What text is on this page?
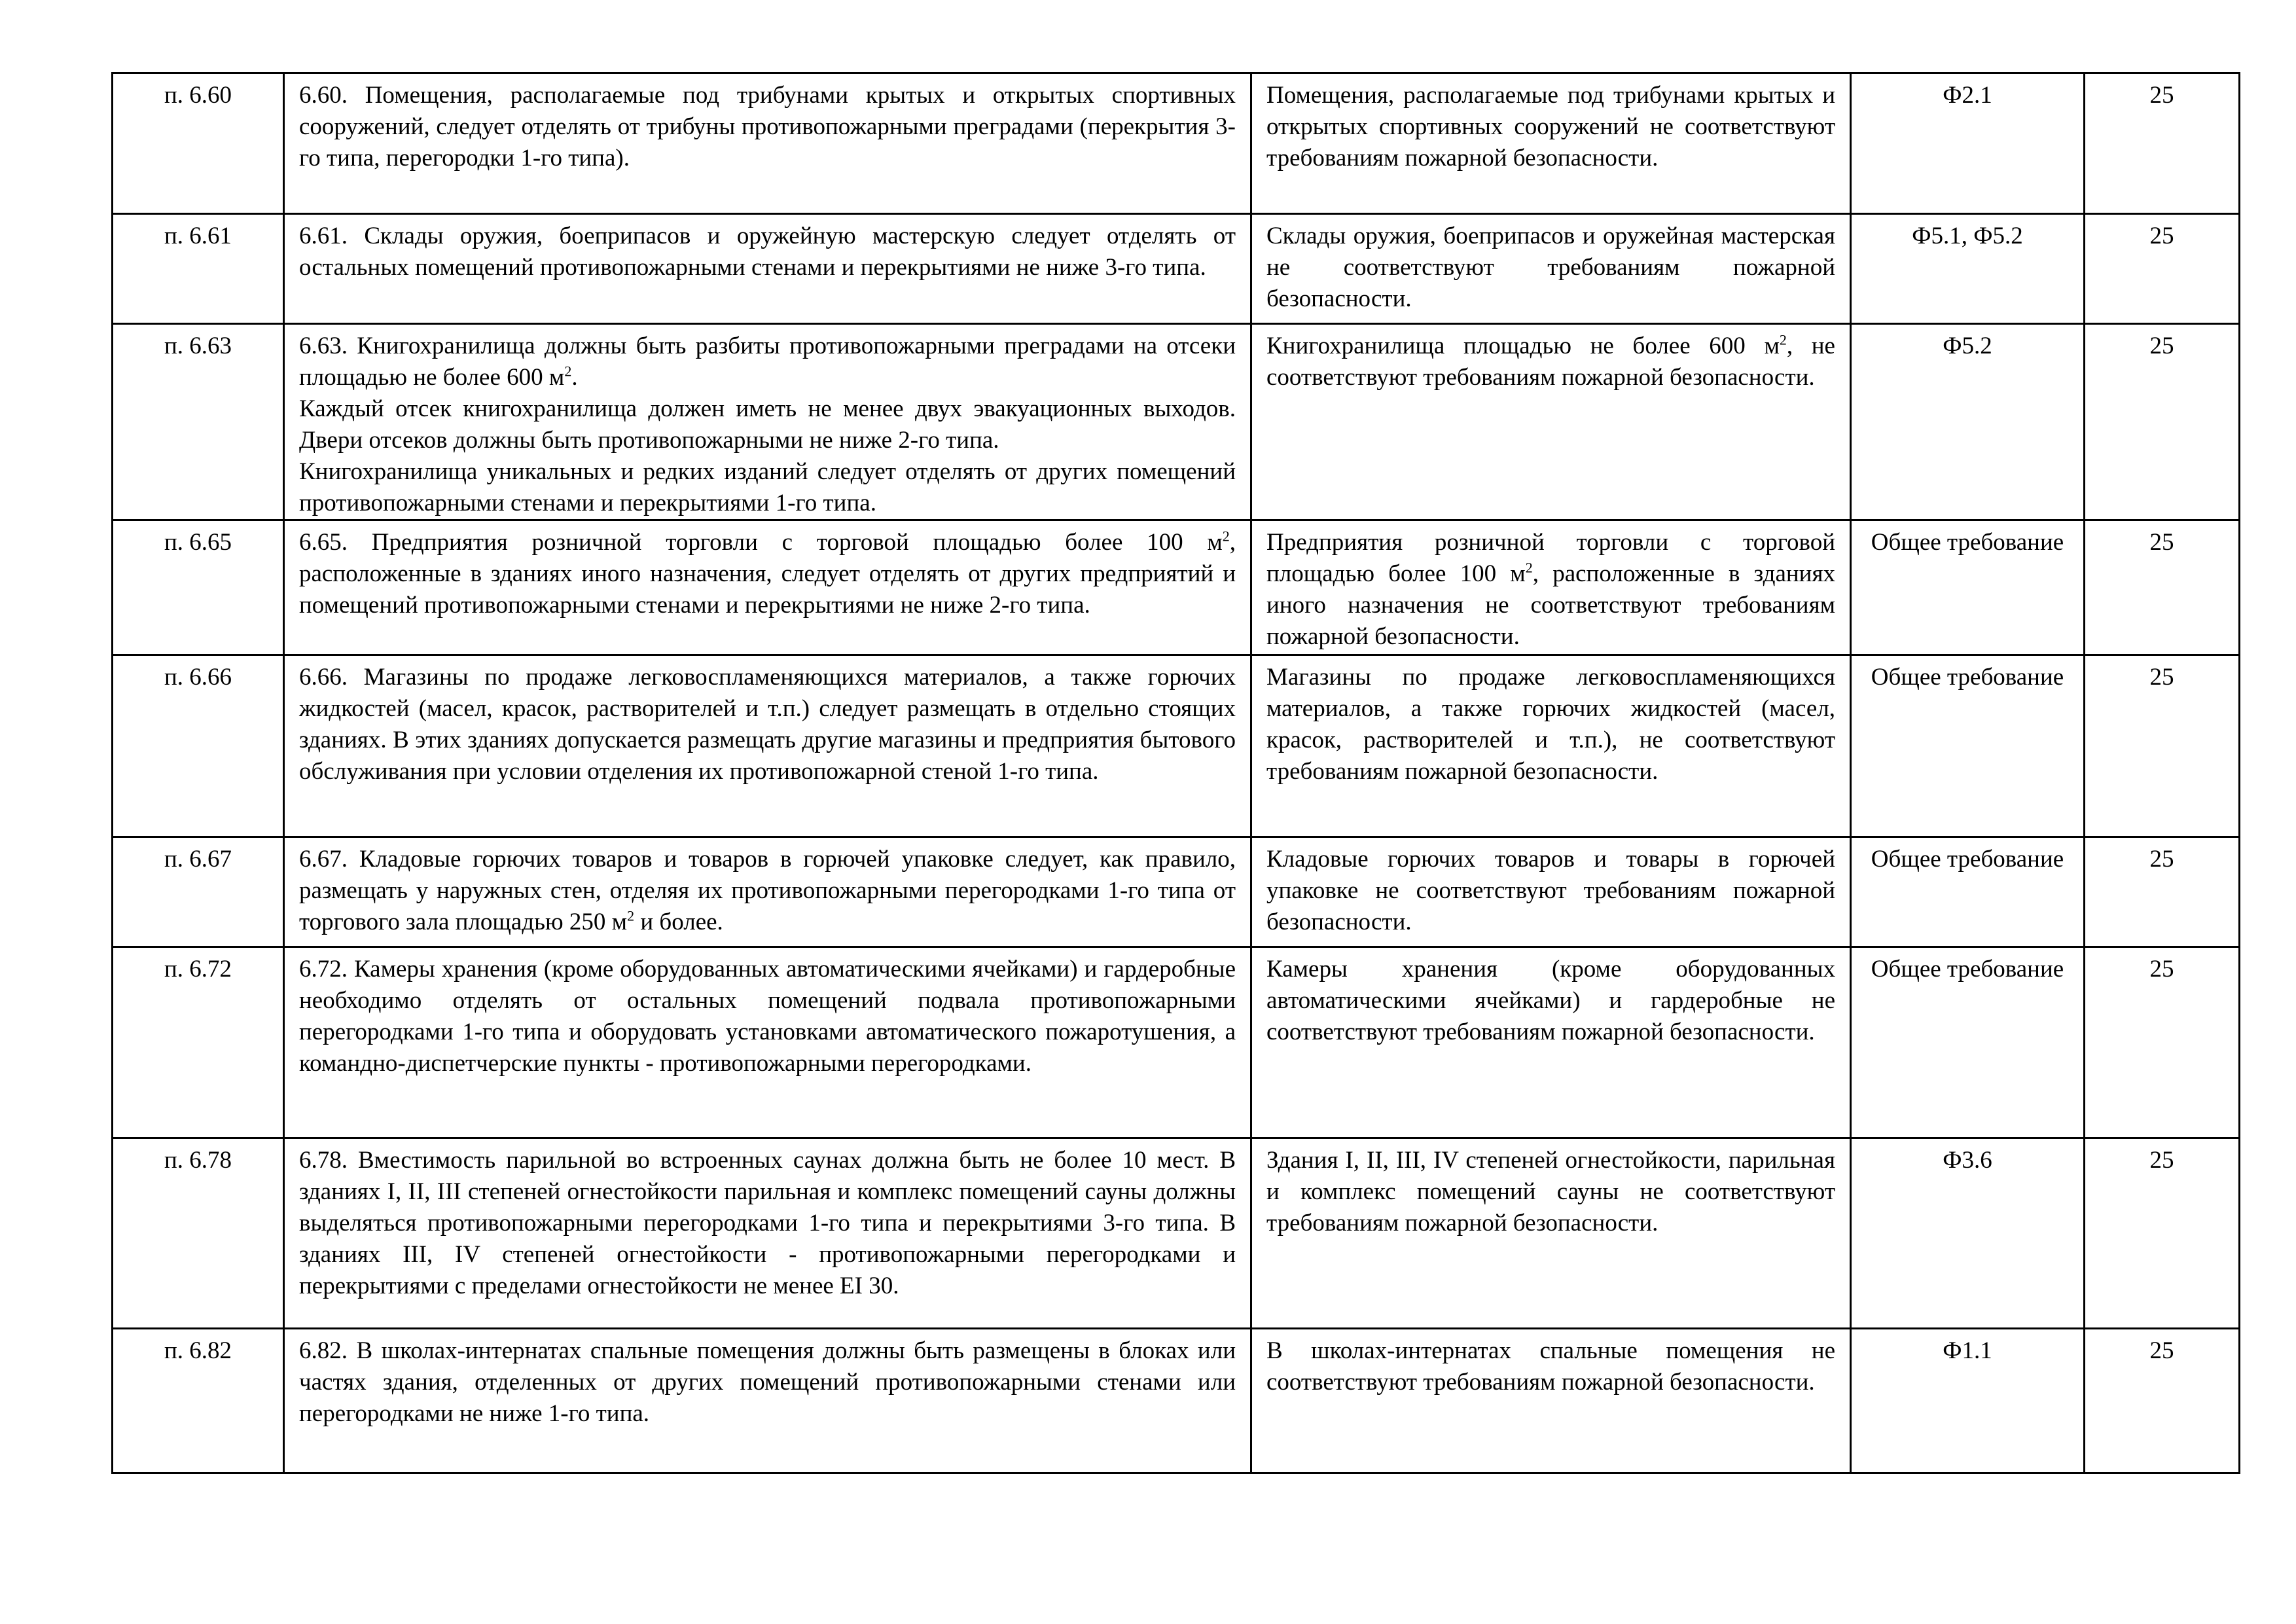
п. 6.60	6.60. Помещения, располагаемые под трибунами крытых и открытых спортивных сооружений, следует отделять от трибуны противопожарными преградами (перекрытия 3-го типа, перегородки 1-го типа).	Помещения, располагаемые под трибунами крытых и открытых спортивных сооружений не соответствуют требованиям пожарной безопасности.	Ф2.1	25
п. 6.61	6.61. Склады оружия, боеприпасов и оружейную мастерскую следует отделять от остальных помещений противопожарными стенами и перекрытиями не ниже 3-го типа.	Склады оружия, боеприпасов и оружейная мастерская не соответствуют требованиям пожарной безопасности.	Ф5.1, Ф5.2	25
п. 6.63	6.63. Книгохранилища должны быть разбиты противопожарными преградами на отсеки площадью не более 600 $м^2$.
Каждый отсек книгохранилища должен иметь не менее двух эвакуационных выходов. Двери отсеков должны быть противопожарными не ниже 2-го типа.
Книгохранилища уникальных и редких изданий следует отделять от других помещений противопожарными стенами и перекрытиями 1-го типа.	Книгохранилища площадью не более 600 $м^2$, не соответствуют требованиям пожарной безопасности.	Ф5.2	25
п. 6.65	6.65. Предприятия розничной торговли с торговой площадью более 100 $м^2$, расположенные в зданиях иного назначения, следует отделять от других предприятий и помещений противопожарными стенами и перекрытиями не ниже 2-го типа.	Предприятия розничной торговли с торговой площадью более 100 $м^2$, расположенные в зданиях иного назначения не соответствуют требованиям пожарной безопасности.	Общее требование	25
п. 6.66	6.66. Магазины по продаже легковоспламеняющихся материалов, а также горючих жидкостей (масел, красок, растворителей и т.п.) следует размещать в отдельно стоящих зданиях. В этих зданиях допускается размещать другие магазины и предприятия бытового обслуживания при условии отделения их противопожарной стеной 1-го типа.	Магазины по продаже легковоспламеняющихся материалов, а также горючих жидкостей (масел, красок, растворителей и т.п.), не соответствуют требованиям пожарной безопасности.	Общее требование	25
п. 6.67	6.67. Кладовые горючих товаров и товаров в горючей упаковке следует, как правило, размещать у наружных стен, отделяя их противопожарными перегородками 1-го типа от торгового зала площадью 250 $м^2$ и более.	Кладовые горючих товаров и товары в горючей упаковке не соответствуют требованиям пожарной безопасности.	Общее требование	25
п. 6.72	6.72. Камеры хранения (кроме оборудованных автоматическими ячейками) и гардеробные необходимо отделять от остальных помещений подвала противопожарными перегородками 1-го типа и оборудовать установками автоматического пожаротушения, а командно-диспетчерские пункты - противопожарными перегородками.	Камеры хранения (кроме оборудованных автоматическими ячейками) и гардеробные не соответствуют требованиям пожарной безопасности.	Общее требование	25
п. 6.78	6.78. Вместимость парильной во встроенных саунах должна быть не более 10 мест. В зданиях I, II, III степеней огнестойкости парильная и комплекс помещений сауны должны выделяться противопожарными перегородками 1-го типа и перекрытиями 3-го типа. В зданиях III, IV степеней огнестойкости - противопожарными перегородками и перекрытиями с пределами огнестойкости не менее EI 30.	Здания I, II, III, IV степеней огнестойкости, парильная и комплекс помещений сауны не соответствуют требованиям пожарной безопасности.	Ф3.6	25
п. 6.82	6.82. В школах-интернатах спальные помещения должны быть размещены в блоках или частях здания, отделенных от других помещений противопожарными стенами или перегородками не ниже 1-го типа.	В школах-интернатах спальные помещения не соответствуют требованиям пожарной безопасности.	Ф1.1	25
